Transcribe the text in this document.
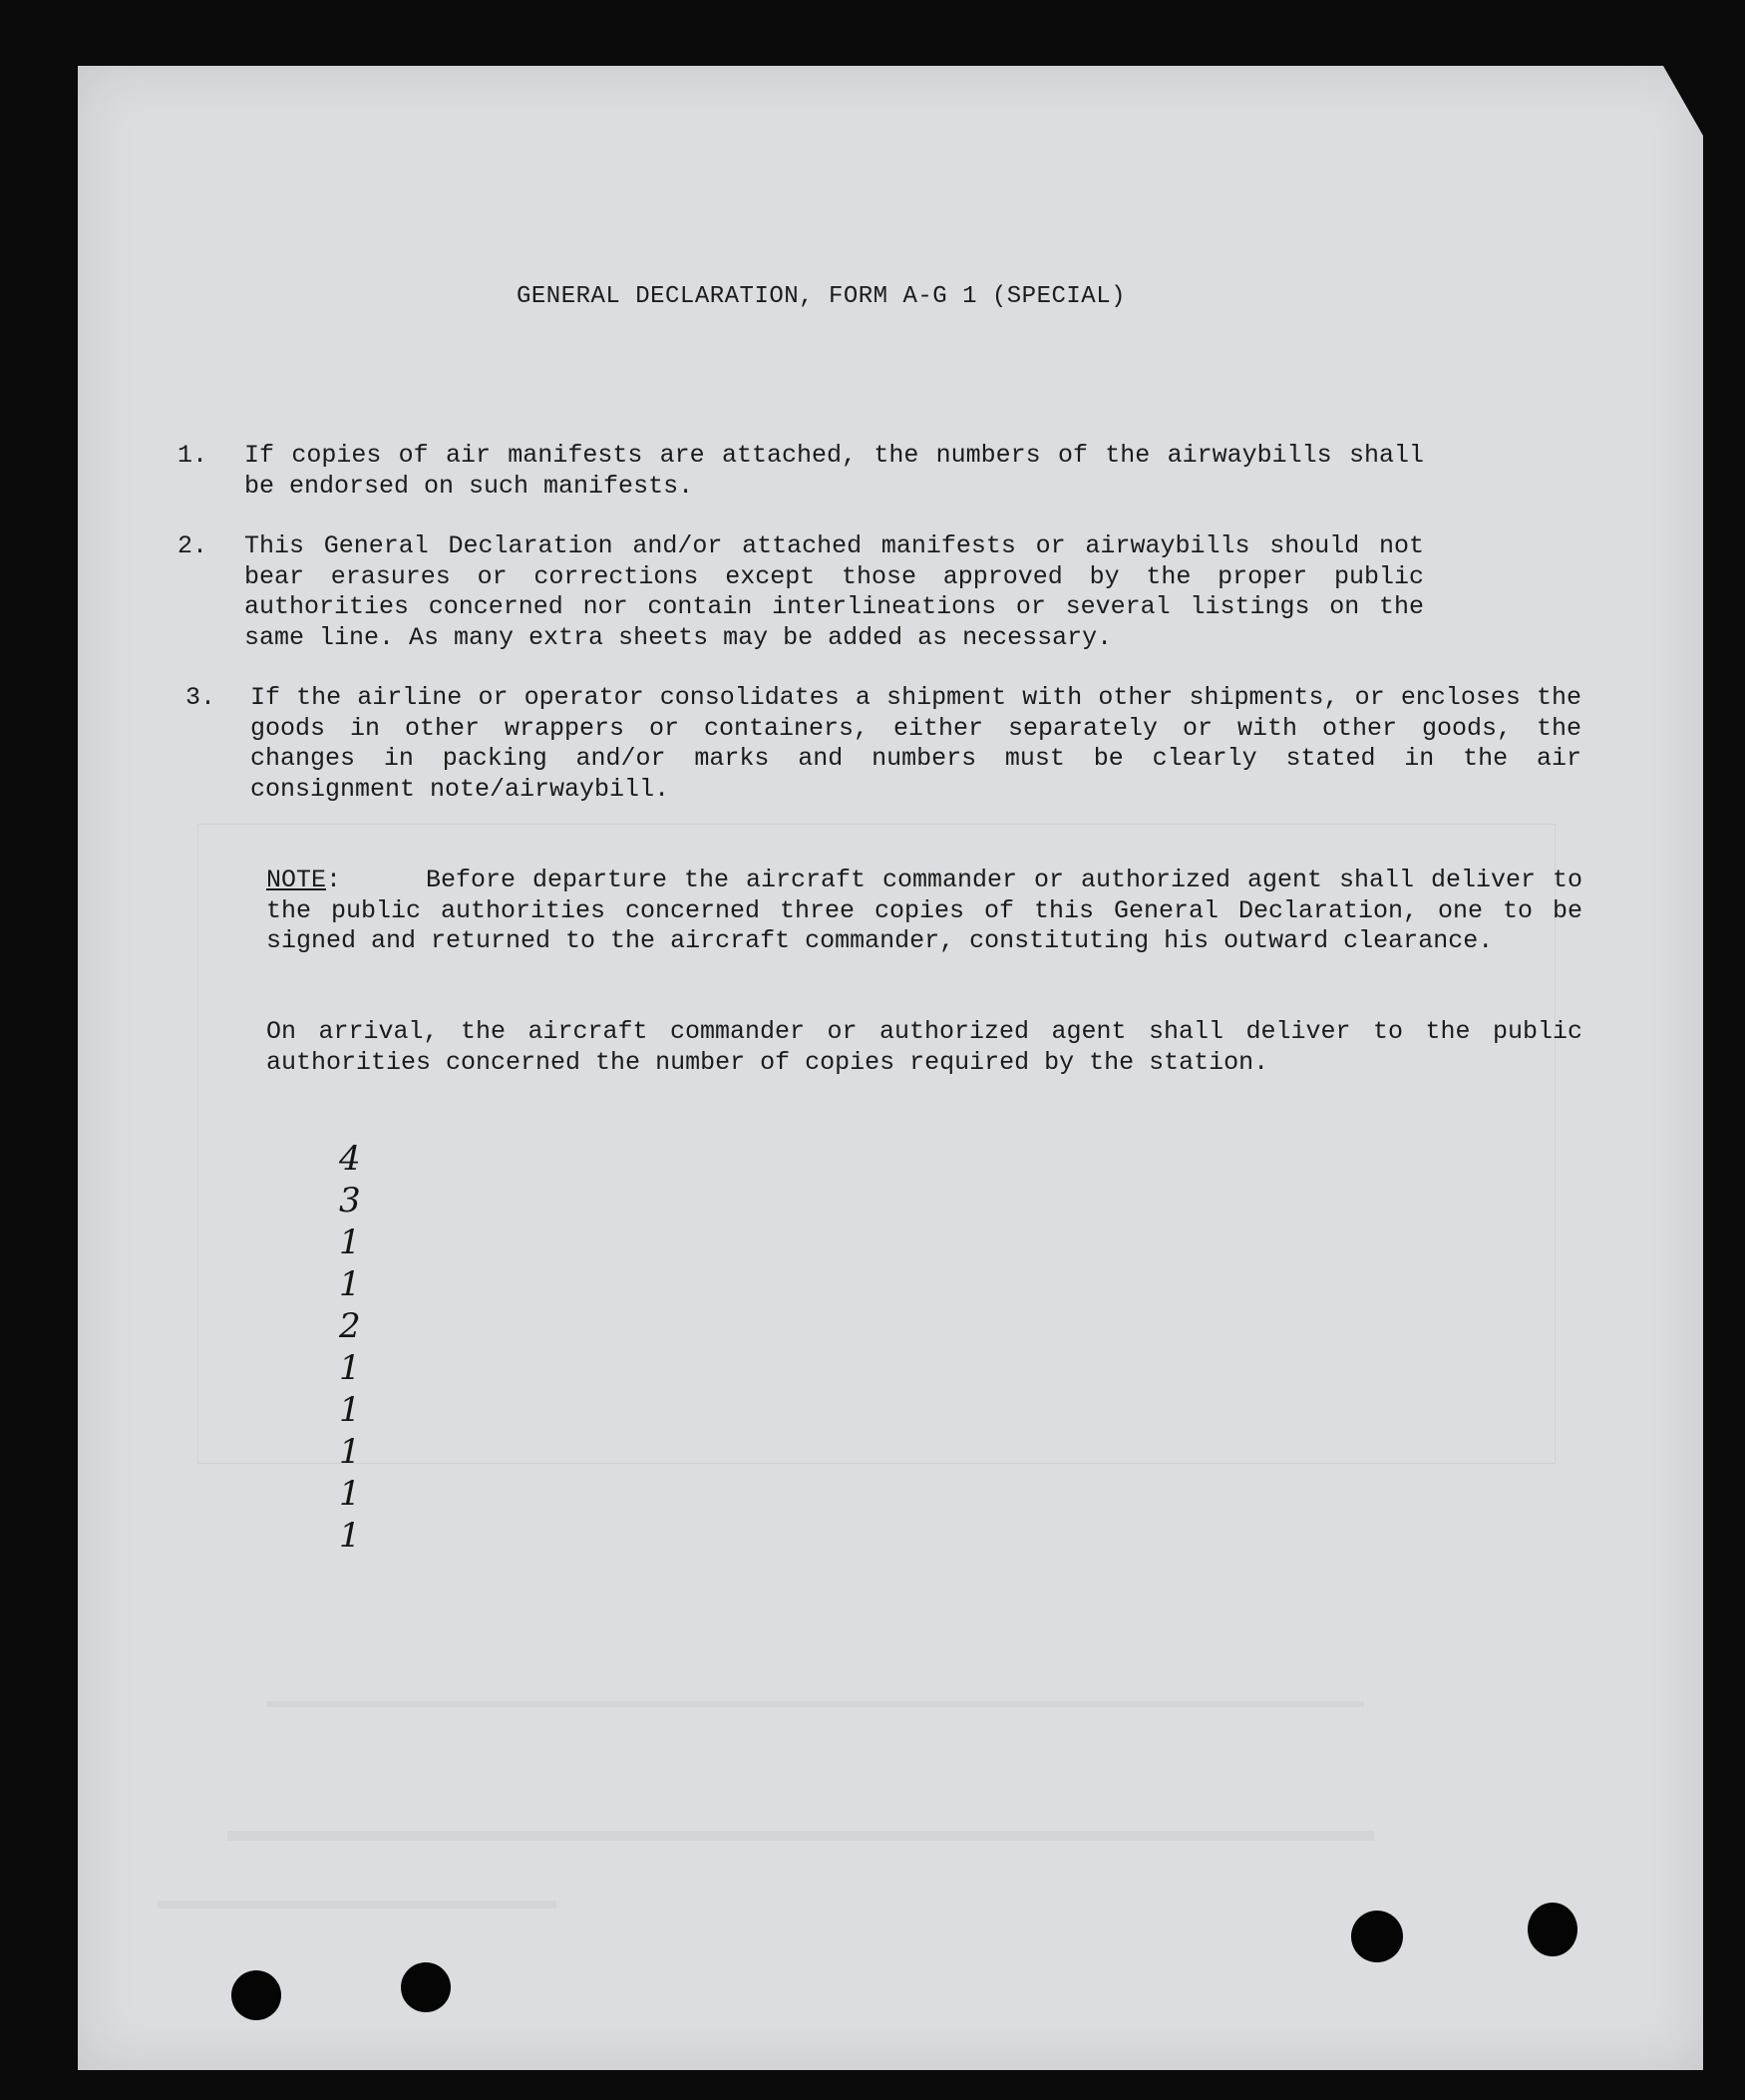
GENERAL DECLARATION, FORM A-G 1 (SPECIAL)
1. If copies of air manifests are attached, the numbers of the airwaybills shall be endorsed on such manifests.
2. This General Declaration and/or attached manifests or airwaybills should not bear erasures or corrections except those approved by the proper public authorities concerned nor contain interlineations or several listings on the same line. As many extra sheets may be added as necessary.
3. If the airline or operator consolidates a shipment with other shipments, or encloses the goods in other wrappers or containers, either separately or with other goods, the changes in packing and/or marks and numbers must be clearly stated in the air consignment note/airwaybill.
NOTE:     Before departure the aircraft commander or authorized agent shall deliver to the public authorities concerned three copies of this General Declaration, one to be signed and returned to the aircraft commander, constituting his outward clearance.
On arrival, the aircraft commander or authorized agent shall deliver to the public authorities concerned the number of copies required by the station.
4
3
1
1
2
1
1
1
1
1
